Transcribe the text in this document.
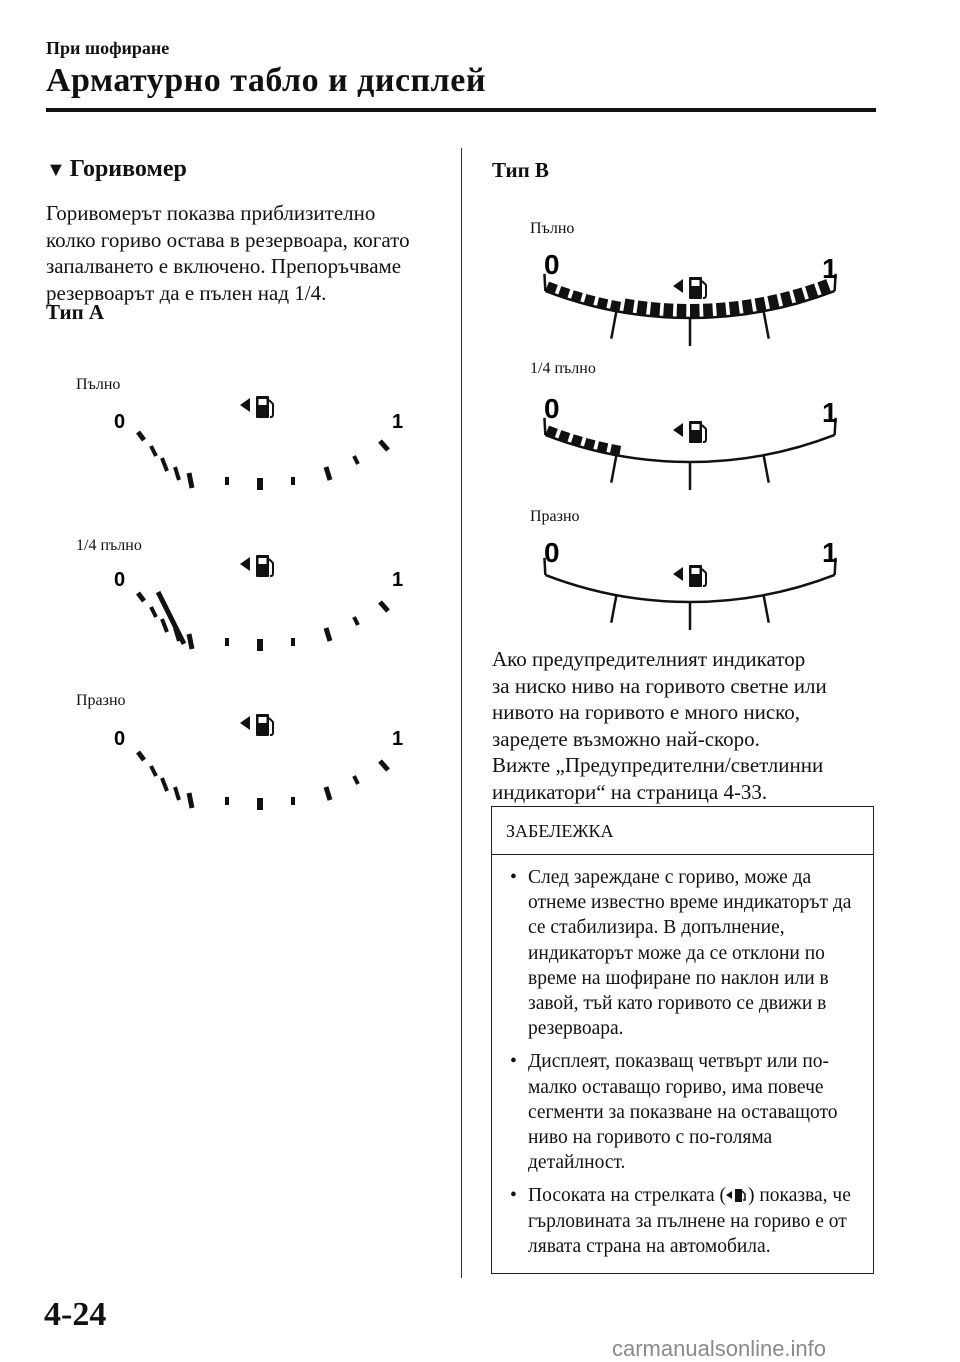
При шофиране
Арматурно табло и дисплей
▼ Горивомер
Горивомерът показва приблизително
колко гориво остава в резервоара, когато
запалването е включено. Препоръчваме
резервоарът да е пълен над 1/4.
Тип A
Пълно
0	1
1/4 пълно
0	1
Празно
0	1
Тип B
Пълно
0	1
1/4 пълно
0	1
Празно
0	1
Ако предупредителният индикатор
за ниско ниво на горивото светне или
нивото на горивото е много ниско,
заредете възможно най-скоро.
Вижте „Предупредителни/светлинни
индикатори“ на страница 4-33.
ЗАБЕЛЕЖКА
• След зареждане с гориво, може да отнеме известно време индикаторът да се стабилизира. В допълнение, индикаторът може да се отклони по време на шофиране по наклон или в завой, тъй като горивото се движи в резервоара.
• Дисплеят, показващ четвърт или по-малко оставащо гориво, има повече сегменти за показване на оставащото ниво на горивото с по-голяма детайлност.
• Посоката на стрелката ( ) показва, че гърловината за пълнене на гориво е от лявата страна на автомобила.
4-24
carmanualsonline.info
